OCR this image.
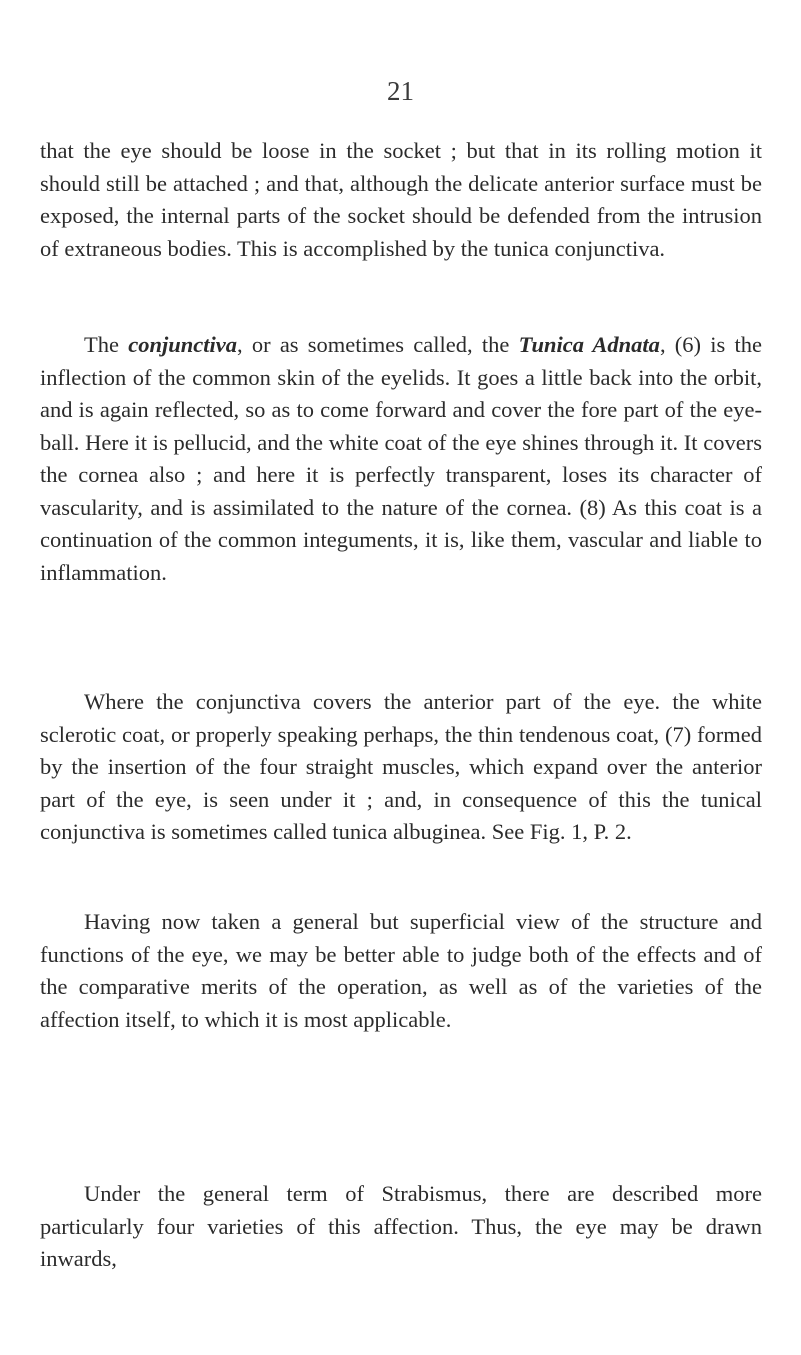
21

that the eye should be loose in the socket ; but that in its rolling motion it should still be attached ; and that, although the delicate anterior surface must be exposed, the internal parts of the socket should be defended from the intrusion of extraneous bodies. This is accomplished by the tunica conjunctiva.

The conjunctiva, or as sometimes called, the Tunica Adnata, (6) is the inflection of the common skin of the eyelids. It goes a little back into the orbit, and is again reflected, so as to come forward and cover the fore part of the eye-ball. Here it is pellucid, and the white coat of the eye shines through it. It covers the cornea also ; and here it is perfectly transparent, loses its character of vascularity, and is assimilated to the nature of the cornea. (8) As this coat is a continuation of the common integuments, it is, like them, vascular and liable to inflammation.

Where the conjunctiva covers the anterior part of the eye. the white sclerotic coat, or properly speaking perhaps, the thin tendenous coat, (7) formed by the insertion of the four straight muscles, which expand over the anterior part of the eye, is seen under it ; and, in consequence of this the tunical conjunctiva is sometimes called tunica albuginea. See Fig. 1, P. 2.

Having now taken a general but superficial view of the structure and functions of the eye, we may be better able to judge both of the effects and of the comparative merits of the operation, as well as of the varieties of the affection itself, to which it is most applicable.

Under the general term of Strabismus, there are described more particularly four varieties of this affection. Thus, the eye may be drawn inwards,
